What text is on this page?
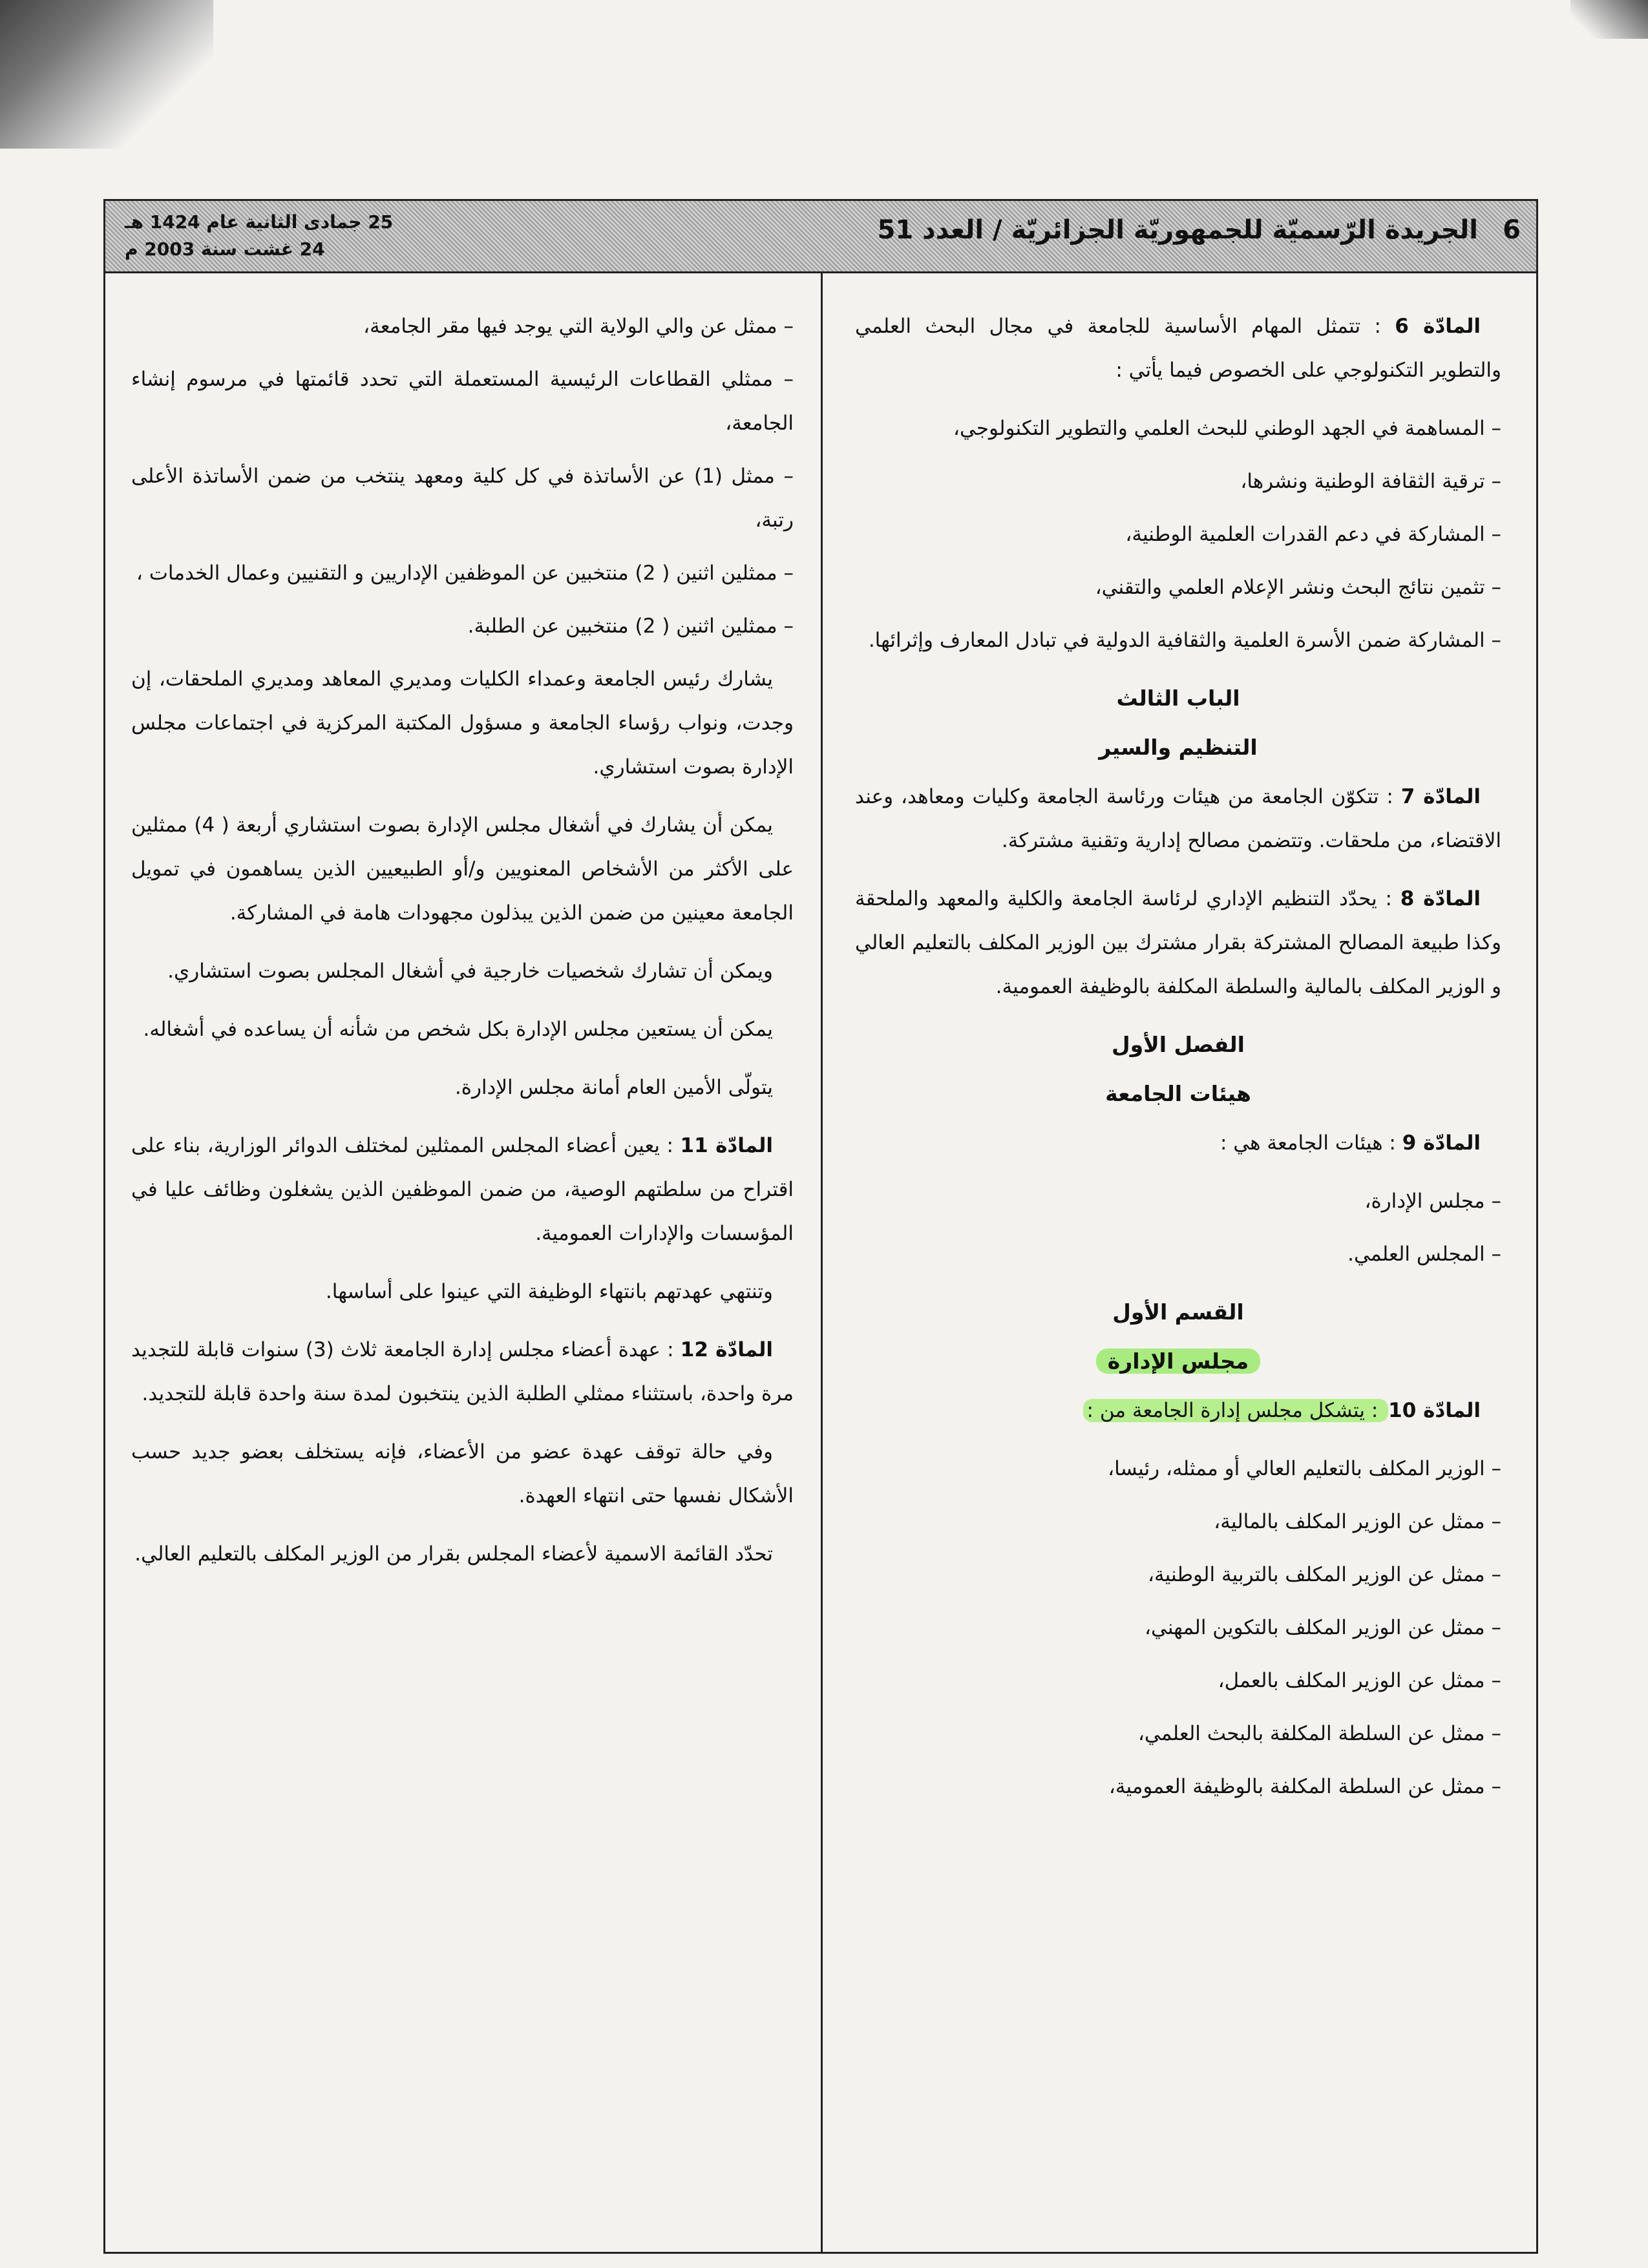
6
الجريدة الرّسميّة للجمهوريّة الجزائريّة / العدد 51
25 جمادى الثانية عام 1424 هـ
24 غشت سنة 2003 م

المادّة 6 : تتمثل المهام الأساسية للجامعة في مجال البحث العلمي والتطوير التكنولوجي على الخصوص فيما يأتي :

– المساهمة في الجهد الوطني للبحث العلمي والتطوير التكنولوجي،

– ترقية الثقافة الوطنية ونشرها،

– المشاركة في دعم القدرات العلمية الوطنية،

– تثمين نتائج البحث ونشر الإعلام العلمي والتقني،

– المشاركة ضمن الأسرة العلمية والثقافية الدولية في تبادل المعارف وإثرائها.

الباب الثالث
التنظيم والسير

المادّة 7 : تتكوّن الجامعة من هيئات ورئاسة الجامعة وكليات ومعاهد، وعند الاقتضاء، من ملحقات. وتتضمن مصالح إدارية وتقنية مشتركة.

المادّة 8 : يحدّد التنظيم الإداري لرئاسة الجامعة والكلية والمعهد والملحقة وكذا طبيعة المصالح المشتركة بقرار مشترك بين الوزير المكلف بالتعليم العالي و الوزير المكلف بالمالية والسلطة المكلفة بالوظيفة العمومية.

الفصل الأول
هيئات الجامعة

المادّة 9 : هيئات الجامعة هي :

– مجلس الإدارة،

– المجلس العلمي.

القسم الأول
مجلس الإدارة

المادّة 10 : يتشكل مجلس إدارة الجامعة من :

– الوزير المكلف بالتعليم العالي أو ممثله، رئيسا،

– ممثل عن الوزير المكلف بالمالية،

– ممثل عن الوزير المكلف بالتربية الوطنية،

– ممثل عن الوزير المكلف بالتكوين المهني،

– ممثل عن الوزير المكلف بالعمل،

– ممثل عن السلطة المكلفة بالبحث العلمي،

– ممثل عن السلطة المكلفة بالوظيفة العمومية،

– ممثل عن والي الولاية التي يوجد فيها مقر الجامعة،

– ممثلي القطاعات الرئيسية المستعملة التي تحدد قائمتها في مرسوم إنشاء الجامعة،

– ممثل (1) عن الأساتذة في كل كلية ومعهد ينتخب من ضمن الأساتذة الأعلى رتبة،

– ممثلين اثنين ( 2) منتخبين عن الموظفين الإداريين و التقنيين وعمال الخدمات ،

– ممثلين اثنين ( 2) منتخبين عن الطلبة.

يشارك رئيس الجامعة وعمداء الكليات ومديري المعاهد ومديري الملحقات، إن وجدت، ونواب رؤساء الجامعة و مسؤول المكتبة المركزية في اجتماعات مجلس الإدارة بصوت استشاري.

يمكن أن يشارك في أشغال مجلس الإدارة بصوت استشاري أربعة ( 4) ممثلين على الأكثر من الأشخاص المعنويين و/أو الطبيعيين الذين يساهمون في تمويل الجامعة معينين من ضمن الذين يبذلون مجهودات هامة في المشاركة.

ويمكن أن تشارك شخصيات خارجية في أشغال المجلس بصوت استشاري.

يمكن أن يستعين مجلس الإدارة بكل شخص من شأنه أن يساعده في أشغاله.

يتولّى الأمين العام أمانة مجلس الإدارة.

المادّة 11 : يعين أعضاء المجلس الممثلين لمختلف الدوائر الوزارية، بناء على اقتراح من سلطتهم الوصية، من ضمن الموظفين الذين يشغلون وظائف عليا في المؤسسات والإدارات العمومية.

وتنتهي عهدتهم بانتهاء الوظيفة التي عينوا على أساسها.

المادّة 12 : عهدة أعضاء مجلس إدارة الجامعة ثلاث (3) سنوات قابلة للتجديد مرة واحدة، باستثناء ممثلي الطلبة الذين ينتخبون لمدة سنة واحدة قابلة للتجديد.

وفي حالة توقف عهدة عضو من الأعضاء، فإنه يستخلف بعضو جديد حسب الأشكال نفسها حتى انتهاء العهدة.

تحدّد القائمة الاسمية لأعضاء المجلس بقرار من الوزير المكلف بالتعليم العالي.
